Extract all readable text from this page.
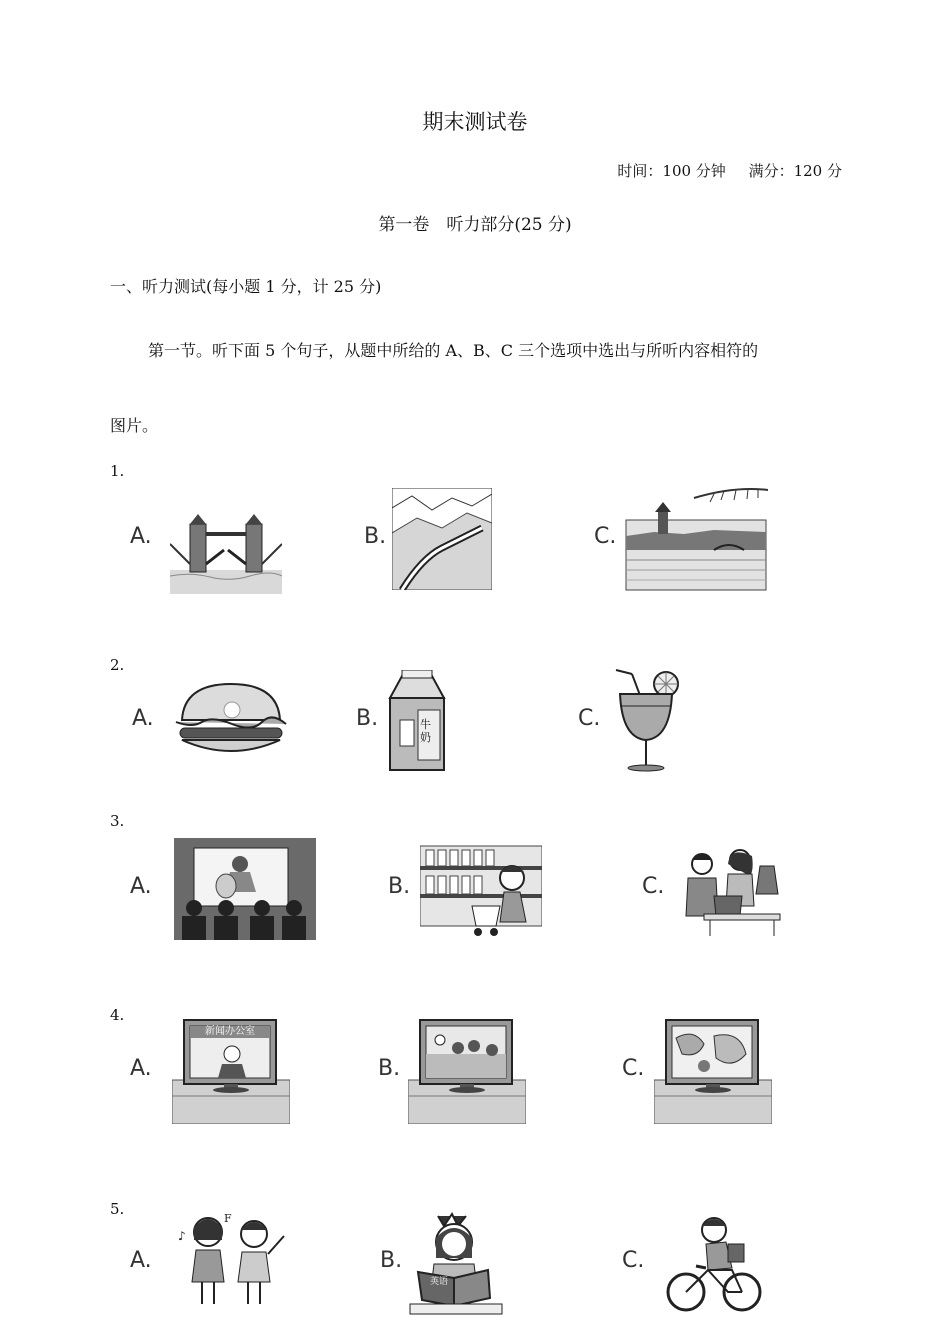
期末测试卷
时间：100 分钟 满分：120 分
第一卷　听力部分(25 分)
一、听力测试(每小题 1 分，计 25 分)
第一节。听下面 5 个句子，从题中所给的 A、B、C 三个选项中选出与所听内容相符的
图片。
1.
A.	B.	C.
2.
A.	B.	C.
牛奶
3.
A.	B.	C.
4.
A.	B.	C.
新闻办公室
5.
A.	B.	C.
♪
F
英语
